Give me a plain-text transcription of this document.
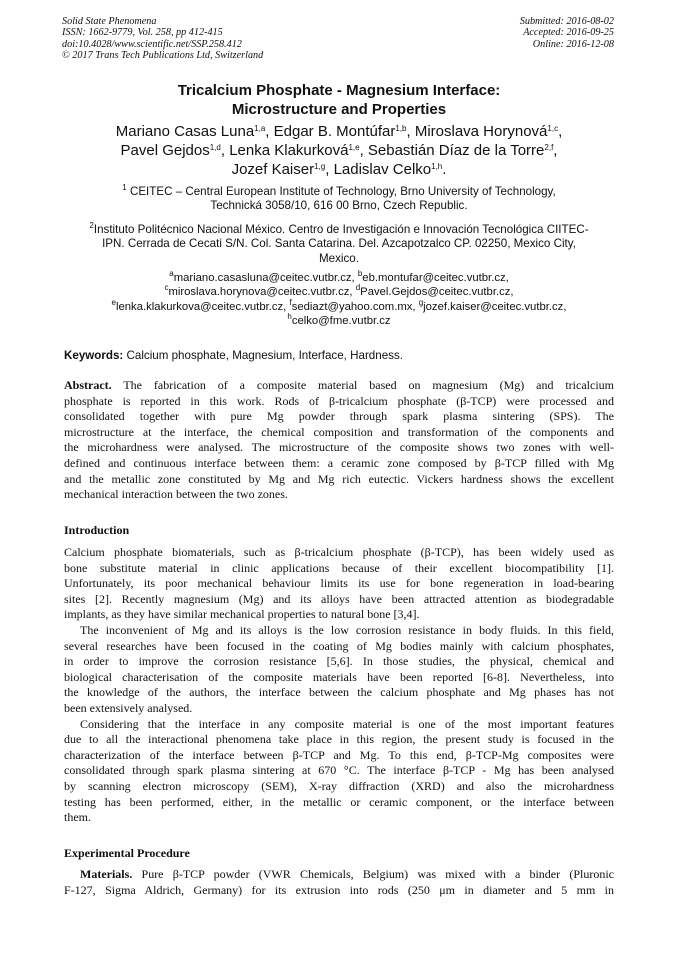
Solid State Phenomena
ISSN: 1662-9779, Vol. 258, pp 412-415
doi:10.4028/www.scientific.net/SSP.258.412
© 2017 Trans Tech Publications Ltd, Switzerland
Submitted: 2016-08-02
Accepted: 2016-09-25
Online: 2016-12-08
Tricalcium Phosphate - Magnesium Interface:
Microstructure and Properties
Mariano Casas Luna$^{1,a}$, Edgar B. Montúfar$^{1,b}$, Miroslava Horynová$^{1,c}$,
Pavel Gejdos$^{1,d}$, Lenka Klakurková$^{1,e}$, Sebastián Díaz de la Torre$^{2,f}$,
Jozef Kaiser$^{1,g}$, Ladislav Celko$^{1,h}$.
$^1$ CEITEC – Central European Institute of Technology, Brno University of Technology,
Technická 3058/10, 616 00 Brno, Czech Republic.
$^2$Instituto Politécnico Nacional México. Centro de Investigación e Innovación Tecnológica CIITEC-
IPN. Cerrada de Cecati S/N. Col. Santa Catarina. Del. Azcapotzalco CP. 02250, Mexico City,
Mexico.
$^a$mariano.casasluna@ceitec.vutbr.cz, $^b$eb.montufar@ceitec.vutbr.cz,
$^c$miroslava.horynova@ceitec.vutbr.cz, $^d$Pavel.Gejdos@ceitec.vutbr.cz,
$^e$lenka.klakurkova@ceitec.vutbr.cz, $^f$sediazt@yahoo.com.mx, $^g$jozef.kaiser@ceitec.vutbr.cz,
$^h$celko@fme.vutbr.cz
Keywords: Calcium phosphate, Magnesium, Interface, Hardness.
Abstract. The fabrication of a composite material based on magnesium (Mg) and tricalcium
phosphate is reported in this work. Rods of β-tricalcium phosphate (β-TCP) were processed and
consolidated together with pure Mg powder through spark plasma sintering (SPS). The
microstructure at the interface, the chemical composition and transformation of the components and
the microhardness were analysed. The microstructure of the composite shows two zones with well-
defined and continuous interface between them: a ceramic zone composed by β-TCP filled with Mg
and the metallic zone constituted by Mg and Mg rich eutectic. Vickers hardness shows the excellent
mechanical interaction between the two zones.
Introduction
Calcium phosphate biomaterials, such as β-tricalcium phosphate (β-TCP), has been widely used as
bone substitute material in clinic applications because of their excellent biocompatibility [1].
Unfortunately, its poor mechanical behaviour limits its use for bone regeneration in load-bearing
sites [2]. Recently magnesium (Mg) and its alloys have been attracted attention as biodegradable
implants, as they have similar mechanical properties to natural bone [3,4].
The inconvenient of Mg and its alloys is the low corrosion resistance in body fluids. In this field,
several researches have been focused in the coating of Mg bodies mainly with calcium phosphates,
in order to improve the corrosion resistance [5,6]. In those studies, the physical, chemical and
biological characterisation of the composite materials have been reported [6-8]. Nevertheless, into
the knowledge of the authors, the interface between the calcium phosphate and Mg phases has not
been extensively analysed.
Considering that the interface in any composite material is one of the most important features
due to all the interactional phenomena take place in this region, the present study is focused in the
characterization of the interface between β-TCP and Mg. To this end, β-TCP-Mg composites were
consolidated through spark plasma sintering at 670 °C. The interface β-TCP - Mg has been analysed
by scanning electron microscopy (SEM), X-ray diffraction (XRD) and also the microhardness
testing has been performed, either, in the metallic or ceramic component, or the interface between
them.
Experimental Procedure
Materials. Pure β-TCP powder (VWR Chemicals, Belgium) was mixed with a binder (Pluronic
F-127, Sigma Aldrich, Germany) for its extrusion into rods (250 μm in diameter and 5 mm in
